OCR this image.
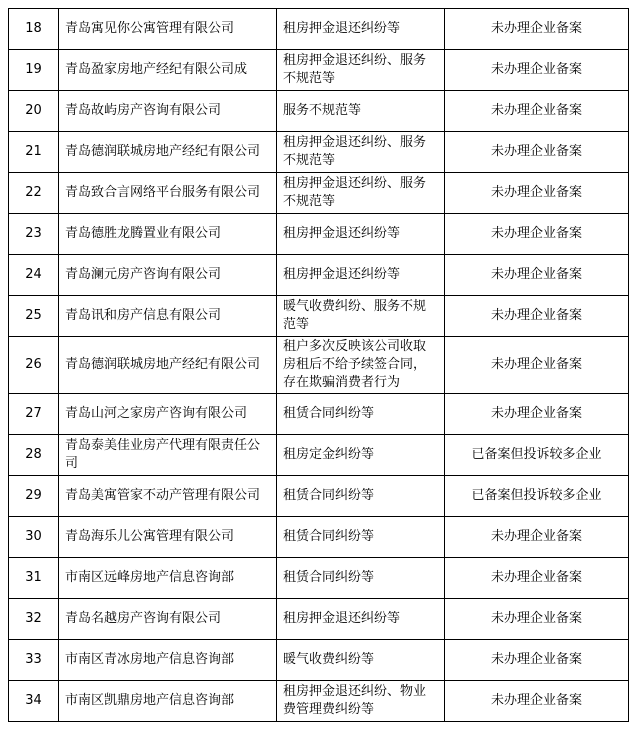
18	青岛寓见你公寓管理有限公司	租房押金退还纠纷等	未办理企业备案
19	青岛盈家房地产经纪有限公司成	租房押金退还纠纷、服务不规范等	未办理企业备案
20	青岛故屿房产咨询有限公司	服务不规范等	未办理企业备案
21	青岛德润联城房地产经纪有限公司	租房押金退还纠纷、服务不规范等	未办理企业备案
22	青岛致合言网络平台服务有限公司	租房押金退还纠纷、服务不规范等	未办理企业备案
23	青岛德胜龙腾置业有限公司	租房押金退还纠纷等	未办理企业备案
24	青岛澜元房产咨询有限公司	租房押金退还纠纷等	未办理企业备案
25	青岛讯和房产信息有限公司	暖气收费纠纷、服务不规范等	未办理企业备案
26	青岛德润联城房地产经纪有限公司	租户多次反映该公司收取房租后不给予续签合同，存在欺骗消费者行为	未办理企业备案
27	青岛山河之家房产咨询有限公司	租赁合同纠纷等	未办理企业备案
28	青岛泰美佳业房产代理有限责任公司	租房定金纠纷等	已备案但投诉较多企业
29	青岛美寓管家不动产管理有限公司	租赁合同纠纷等	已备案但投诉较多企业
30	青岛海乐儿公寓管理有限公司	租赁合同纠纷等	未办理企业备案
31	市南区远峰房地产信息咨询部	租赁合同纠纷等	未办理企业备案
32	青岛名越房产咨询有限公司	租房押金退还纠纷等	未办理企业备案
33	市南区青冰房地产信息咨询部	暖气收费纠纷等	未办理企业备案
34	市南区凯鼎房地产信息咨询部	租房押金退还纠纷、物业费管理费纠纷等	未办理企业备案
